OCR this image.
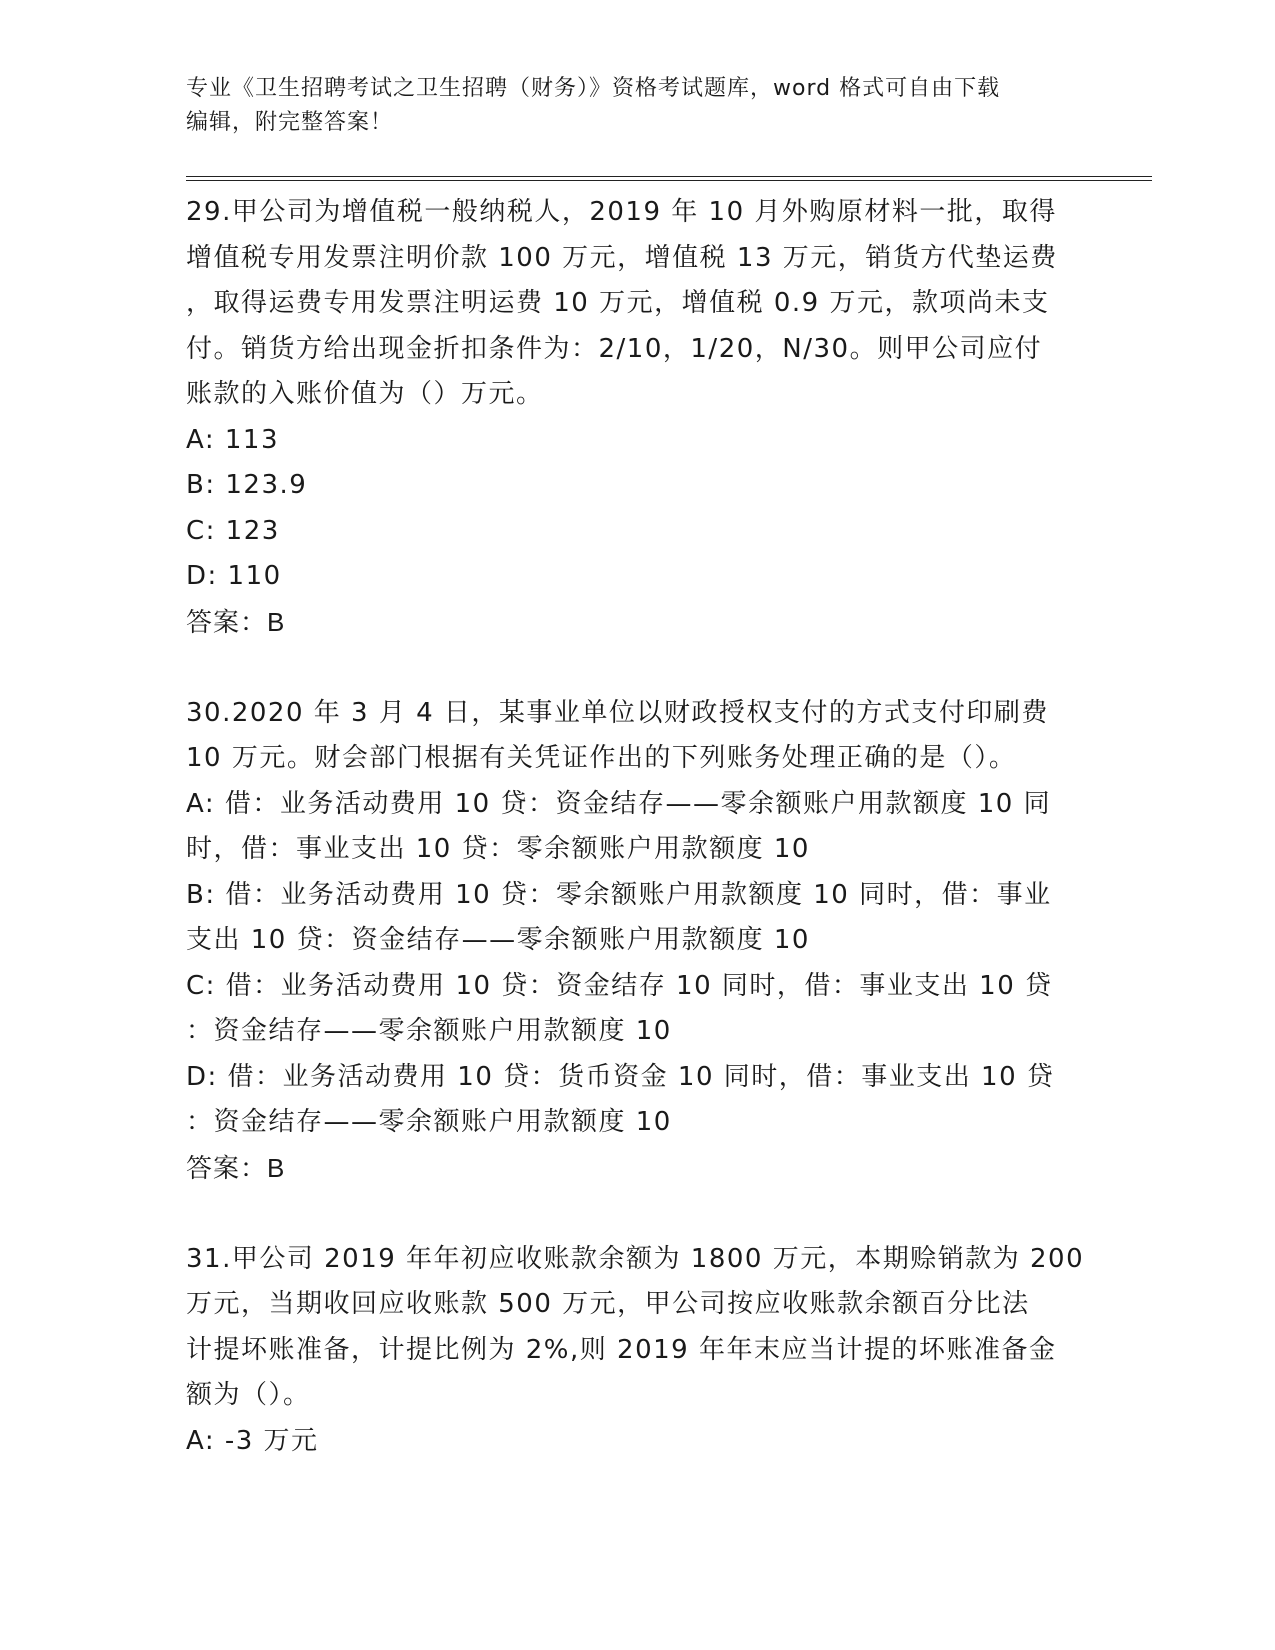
专业《卫生招聘考试之卫生招聘（财务）》资格考试题库，word 格式可自由下载
编辑，附完整答案！
29.甲公司为增值税一般纳税人，2019 年 10 月外购原材料一批，取得
增值税专用发票注明价款 100 万元，增值税 13 万元，销货方代垫运费
，取得运费专用发票注明运费 10 万元，增值税 0.9 万元，款项尚未支
付。销货方给出现金折扣条件为：2/10，1/20，N/30。则甲公司应付
账款的入账价值为（）万元。
A: 113
B: 123.9
C: 123
D: 110
答案：B
30.2020 年 3 月 4 日，某事业单位以财政授权支付的方式支付印刷费
10 万元。财会部门根据有关凭证作出的下列账务处理正确的是（）。
A: 借：业务活动费用 10 贷：资金结存——零余额账户用款额度 10 同
时，借：事业支出 10 贷：零余额账户用款额度 10
B: 借：业务活动费用 10 贷：零余额账户用款额度 10 同时，借：事业
支出 10 贷：资金结存——零余额账户用款额度 10
C: 借：业务活动费用 10 贷：资金结存 10 同时，借：事业支出 10 贷
：资金结存——零余额账户用款额度 10
D: 借：业务活动费用 10 贷：货币资金 10 同时，借：事业支出 10 贷
：资金结存——零余额账户用款额度 10
答案：B
31.甲公司 2019 年年初应收账款余额为 1800 万元，本期赊销款为 200
万元，当期收回应收账款 500 万元，甲公司按应收账款余额百分比法
计提坏账准备，计提比例为 2%,则 2019 年年末应当计提的坏账准备金
额为（）。
A: -3 万元
